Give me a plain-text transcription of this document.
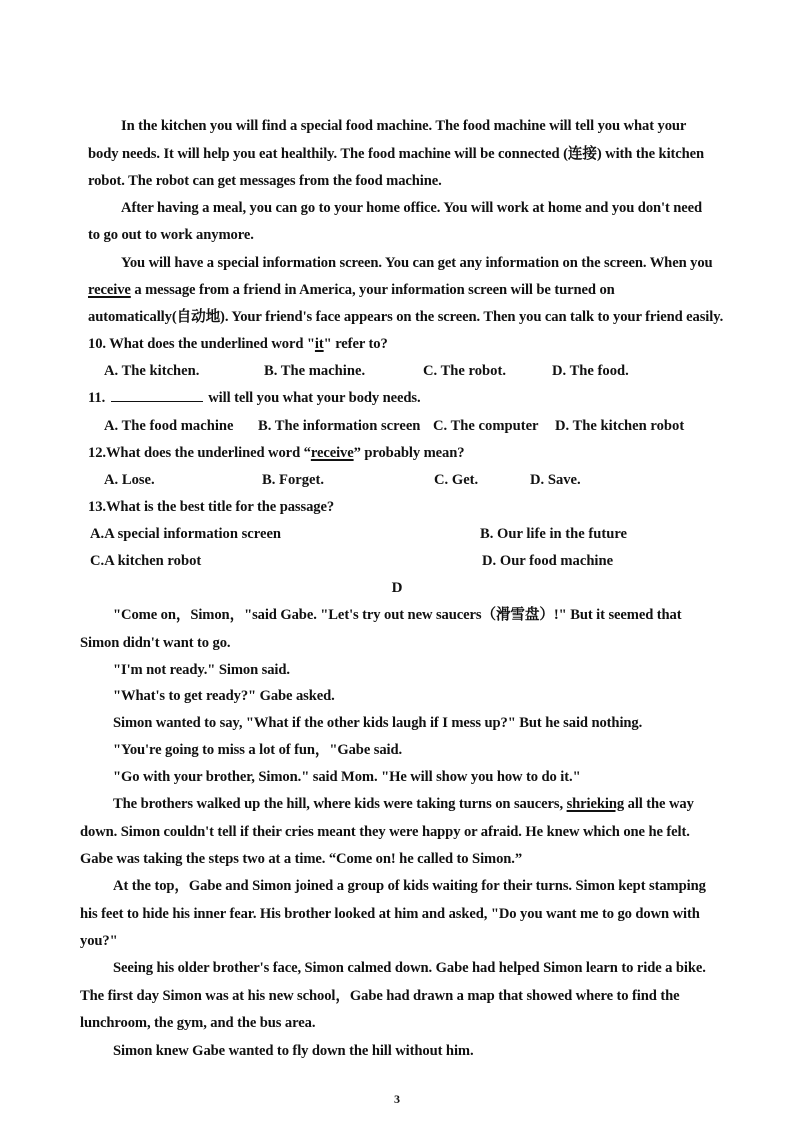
In the kitchen you will find a special food machine. The food machine will tell you what your
body needs. It will help you eat healthily. The food machine will be connected (连接) with the kitchen
robot. The robot can get messages from the food machine.
After having a meal, you can go to your home office. You will work at home and you don't need
to go out to work anymore.
You will have a special information screen. You can get any information on the screen. When you
receive a message from a friend in America, your information screen will be turned on
automatically(自动地). Your friend's face appears on the screen. Then you can talk to your friend easily.
10. What does the underlined word "it" refer to?
A. The kitchen.	B. The machine.	C. The robot.	D. The food.
11.	will tell you what your body needs.
A. The food machine B. The information screen C. The computer D. The kitchen robot
12.What does the underlined word “receive” probably mean?
A. Lose.	B. Forget.	C. Get.	D. Save.
13.What is the best title for the passage?
A.A special information screen	B. Our life in the future
C.A kitchen robot	D. Our food machine
D
"Come on，Simon，"said Gabe. "Let's try out new saucers（滑雪盘）!" But it seemed that
Simon didn't want to go.
"I'm not ready." Simon said.
"What's to get ready?" Gabe asked.
Simon wanted to say, "What if the other kids laugh if I mess up?" But he said nothing.
"You're going to miss a lot of fun，"Gabe said.
"Go with your brother, Simon." said Mom. "He will show you how to do it."
The brothers walked up the hill, where kids were taking turns on saucers, shrieking all the way
down. Simon couldn't tell if their cries meant they were happy or afraid. He knew which one he felt.
Gabe was taking the steps two at a time. “Come on! he called to Simon.”
At the top，Gabe and Simon joined a group of kids waiting for their turns. Simon kept stamping
his feet to hide his inner fear. His brother looked at him and asked, "Do you want me to go down with
you?"
Seeing his older brother's face, Simon calmed down. Gabe had helped Simon learn to ride a bike.
The first day Simon was at his new school，Gabe had drawn a map that showed where to find the
lunchroom, the gym, and the bus area.
Simon knew Gabe wanted to fly down the hill without him.
3
